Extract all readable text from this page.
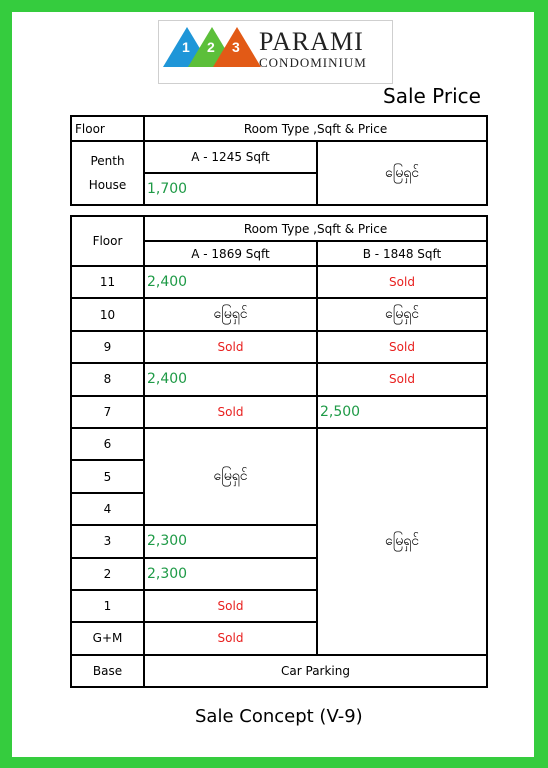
1 2 3 PARAMI
CONDOMINIUM
Sale Price
Floor	Room Type ,Sqft & Price	

Penth
House	A - 1245 Sqft	မြေရှင်
	1,700	
Floor	Room Type ,Sqft & Price	
	A - 1869 Sqft	B - 1848 Sqft
11	2,400	Sold
10	မြေရှင်	မြေရှင်
9	Sold	Sold
8	2,400	Sold
7	Sold	2,500
6	မြေရှင်	မြေရှင်
5		
4		
3	2,300	
2	2,300	
1	Sold	
G+M	Sold	
Base	Car Parking	
Sale Concept (V-9)
